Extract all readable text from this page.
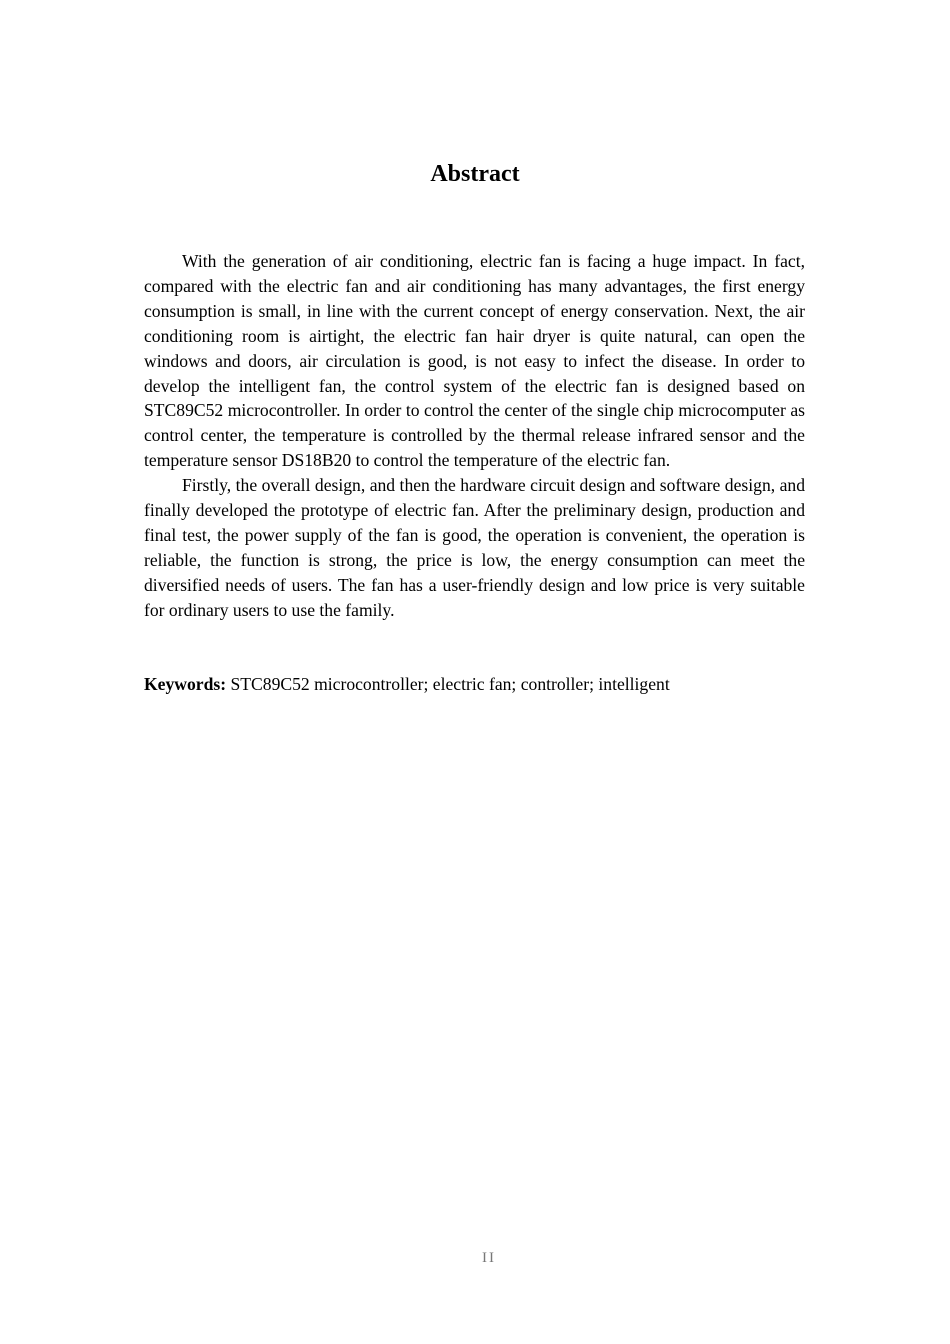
Abstract

With the generation of air conditioning, electric fan is facing a huge impact. In fact, compared with the electric fan and air conditioning has many advantages, the first energy consumption is small, in line with the current concept of energy conservation. Next, the air conditioning room is airtight, the electric fan hair dryer is quite natural, can open the windows and doors, air circulation is good, is not easy to infect the disease. In order to develop the intelligent fan, the control system of the electric fan is designed based on STC89C52 microcontroller. In order to control the center of the single chip microcomputer as control center, the temperature is controlled by the thermal release infrared sensor and the temperature sensor DS18B20 to control the temperature of the electric fan.

Firstly, the overall design, and then the hardware circuit design and software design, and finally developed the prototype of electric fan. After the preliminary design, production and final test, the power supply of the fan is good, the operation is convenient, the operation is reliable, the function is strong, the price is low, the energy consumption can meet the diversified needs of users. The fan has a user-friendly design and low price is very suitable for ordinary users to use the family.

Keywords: STC89C52 microcontroller; electric fan; controller; intelligent
II
